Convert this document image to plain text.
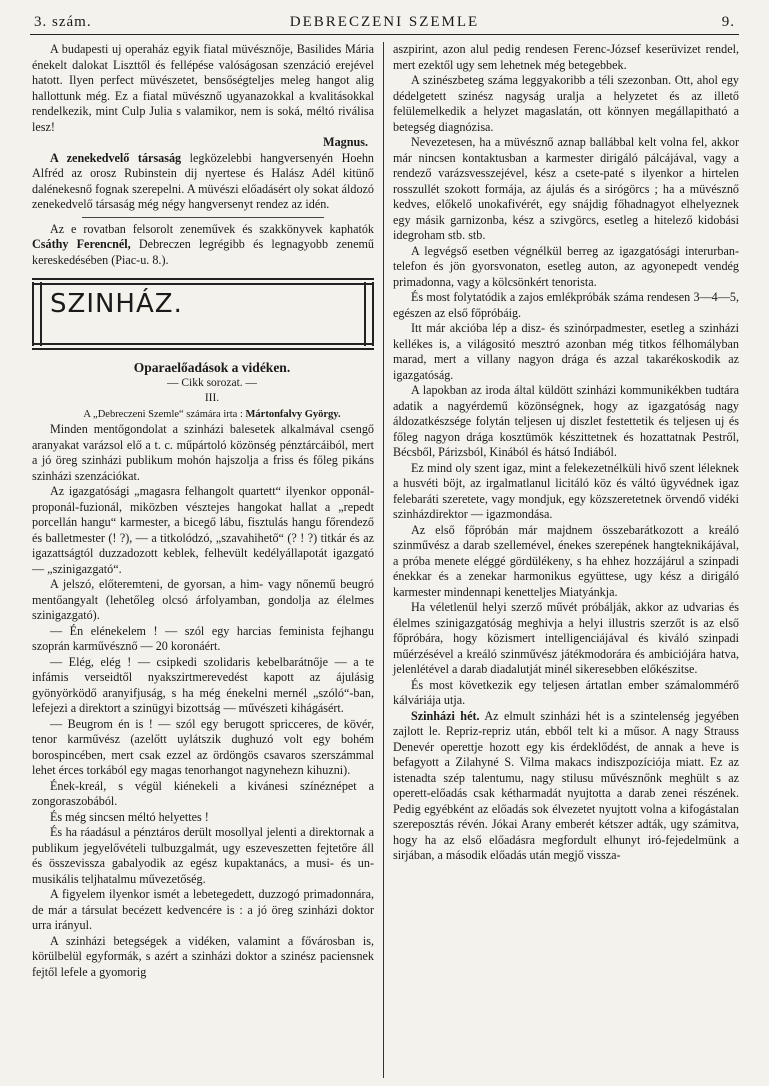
3. szám.	DEBRECZENI SZEMLE	9.

A budapesti uj operaház egyik fiatal müvésznője, Basilides Mária énekelt dalokat Liszttől és fellépése valóságosan szenzáció erejével hatott. Ilyen perfect müvészetet, bensőségteljes meleg hangot alig hallottunk még. Ez a fiatal müvésznő ugyanazokkal a kvalitásokkal rendelkezik, mint Culp Julia s valamikor, nem is soká, méltó riválisa lesz!

Magnus.

A zenekedvelő társaság legközelebbi hangversenyén Hoehn Alfréd az orosz Rubinstein dij nyertese és Halász Adél kitünő dalénekesnő fognak szerepelni. A müvészi előadásért oly sokat áldozó zenekedvelő társaság még négy hangversenyt rendez az idén.

Az e rovatban felsorolt zeneművek és szakkönyvek kaphatók Csáthy Ferencnél, Debreczen legrégibb és legnagyobb zenemű kereskedésében (Piac-u. 8.).

SZINHÁZ.

Oparaelőadások a vidéken.

— Cikk sorozat. —

III.

A „Debreczeni Szemle“ számára irta : Mártonfalvy György.

Minden mentőgondolat a szinházi balesetek alkalmával csengő aranyakat varázsol elő a t. c. műpártoló közönség pénztárcáiból, mert a jó öreg szinházi publikum mohón hajszolja a friss és főleg pikáns szinházi szenzációkat.

Az igazgatósági „magasra felhangolt quartett“ ilyenkor opponál-proponál-fuzionál, miközben vésztejes hangokat hallat a „repedt porcellán hangu“ karmester, a bicegő lábu, fisztulás hangu főrendező és balletmester (! ?), — a titkolódzó, „szavahihető“ (? ! ?) titkár és az igazattságtól duzzadozott keblek, felhevült kedélyállapotát igazgató — „szinigazgató“.

A jelszó, előteremteni, de gyorsan, a him- vagy nőnemű beugró mentőangyalt (lehetőleg olcsó árfolyamban, gondolja az élelmes szinigazgató).

— Én elénekelem ! — szól egy harcias feminista fejhangu szoprán karművésznő — 20 koronáért.

— Elég, elég ! — csipkedi szolidaris kebelbarátnője — a te infámis verseidtől nyakszirtmerevedést kapott az ájulásig gyönyörködő aranyifjuság, s ha még énekelni mernél „szóló“-ban, lefejezi a direktort a szinügyi bizottság — művészeti kihágásért.

— Beugrom én is ! — szól egy berugott spricceres, de kövér, tenor karművész (azelőtt uylátszik dughuzó volt egy bohém borospincében, mert csak ezzel az ördöngös csavaros szerszámmal lehet érces torkából egy magas tenorhangot nagynehezn kihuzni).

Ének-kreál, s végül kiénekeli a kivánesi színéznépet a zongoraszobából.

És még sincsen méltó helyettes !

És ha ráadásul a pénztáros derült mosollyal jelenti a direktornak a publikum jegyelővételi tulbuzgalmát, ugy eszeveszetten fejtetőre áll és összevissza gabalyodik az egész kupaktanács, a musi- és un-musikális teljhatalmu művezetőség.

A figyelem ilyenkor ismét a lebetegedett, duzzogó primadonnára, de már a társulat becézett kedvencére is : a jó öreg szinházi doktor urra irányul.

A szinházi betegségek a vidéken, valamint a fővárosban is, körülbelül egyformák, s azért a szinházi doktor a szinész paciensnek fejtől lefele a gyomorig

aszpirint, azon alul pedig rendesen Ferenc-József keserüvizet rendel, mert ezektől ugy sem lehetnek még betegebbek.

A szinészbeteg száma leggyakoribb a téli szezonban. Ott, ahol egy dédelgetett szinész nagyság uralja a helyzetet és az illető felülemelkedik a helyzet magaslatán, ott könnyen megállapitható a betegség diagnózisa.

Nevezetesen, ha a müvésznő aznap ballábbal kelt volna fel, akkor már nincsen kontaktusban a karmester dirigáló pálcájával, vagy a rendező varázsvesszejével, kész a csete-paté s ilyenkor a hirtelen rosszullét szokott formája, az ájulás és a sirógörcs ; ha a müvésznő kedves, előkelő unokafivérét, egy snájdig főhadnagyot elhelyeznek egy másik garnizonba, kész a szivgörcs, esetleg a hitelező kidobási idegroham stb. stb.

A legvégső esetben végnélkül berreg az igazgatósági interurban-telefon és jön gyorsvonaton, esetleg auton, az agyonepedt vendég primadonna, vagy a kölcsönkért tenorista.

És most folytatódik a zajos emlékpróbák száma rendesen 3—4—5, egészen az első főpróbáig.

Itt már akcióba lép a disz- és szinórpadmester, esetleg a szinházi kellékes is, a világositó mesztró azonban még titkos félhomályban marad, mert a villany nagyon drága és azzal takarékoskodik az igazgatóság.

A lapokban az iroda által küldött szinházi kommunikékben tudtára adatik a nagyérdemű közönségnek, hogy az igazgatóság nagy áldozatkészsége folytán teljesen uj diszlet festettetik és teljesen uj és főleg nagyon drága kosztümök készittetnek és hozattatnak Pestről, Bécsből, Párizsból, Kinából és hátsó Indiából.

Ez mind oly szent igaz, mint a felekezetnélküli hivő szent léleknek a husvéti böjt, az irgalmatlanul licitáló köz és váltó ügyvédnek igaz felebaráti szeretete, vagy mondjuk, egy közszeretetnek örvendő vidéki szinházdirektor — igazmondása.

Az első főpróbán már majdnem összebarátkozott a kreáló szinművész a darab szellemével, énekes szerepének hangteknikájával, a próba menete eléggé gördülékeny, s ha ehhez hozzájárul a szinpadi énekkar és a zenekar harmonikus együttese, ugy kész a dirigáló karmester mindennapi kenetteljes Miatyánkja.

Ha véletlenül helyi szerző művét próbálják, akkor az udvarias és élelmes szinigazgatóság meghivja a helyi illustris szerzőt is az első főpróbára, hogy közismert intelligenciájával és kiváló szinpadi műérzésével a kreáló szinművész játékmodorára és ambiciójára hatva, jelenlétével a darab diadalutját minél sikeresebben előkészitse.

És most következik egy teljesen ártatlan ember számalommérő kálváriája utja.

Szinházi hét. Az elmult szinházi hét is a szintelenség jegyében zajlott le. Repriz-repriz után, ebből telt ki a műsor. A nagy Strauss Denevér operettje hozott egy kis érdeklődést, de annak a heve is befagyott a Zilahyné S. Vilma makacs indiszpozíciója miatt. Ez az istenadta szép talentumu, nagy stilusu művésznőnk meghült s az operett-előadás csak kétharmadát nyujtotta a darab zenei részének. Pedig egyébként az előadás sok élvezetet nyujtott volna a kifogástalan szereposztás révén. Jókai Arany emberét kétszer adták, ugy számitva, hogy ha az első előadásra megfordult elhunyt iró-fejedelmünk a sirjában, a második előadás után megjő vissza-
